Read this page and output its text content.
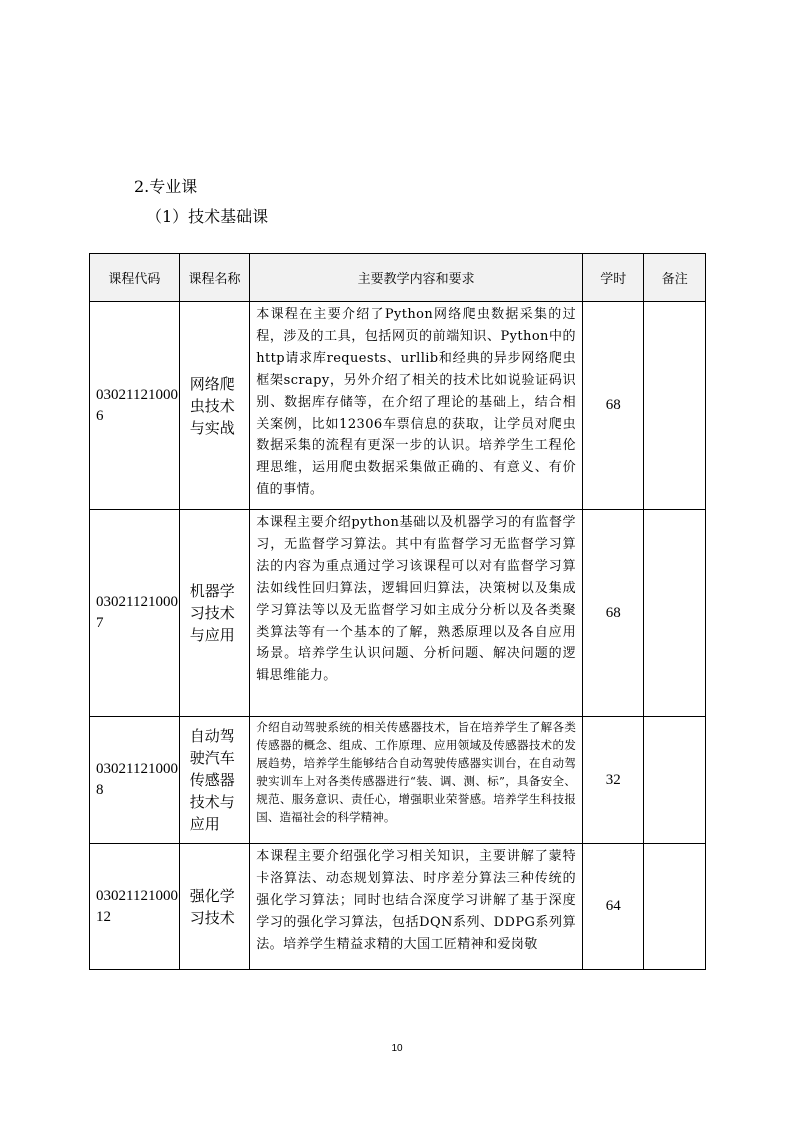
2.专业课
（1）技术基础课
课程代码	课程名称	主要教学内容和要求	学时	备注
030211210006	网络爬虫技术与实战	本课程在主要介绍了Python网络爬虫数据采集的过程，涉及的工具，包括网页的前端知识、Python中的http请求库requests、urllib和经典的异步网络爬虫框架scrapy，另外介绍了相关的技术比如说验证码识别、数据库存储等，在介绍了理论的基础上，结合相关案例，比如12306车票信息的获取，让学员对爬虫数据采集的流程有更深一步的认识。培养学生工程伦理思维，运用爬虫数据采集做正确的、有意义、有价值的事情。	68	
030211210007	机器学习技术与应用	本课程主要介绍python基础以及机器学习的有监督学习，无监督学习算法。其中有监督学习无监督学习算法的内容为重点通过学习该课程可以对有监督学习算法如线性回归算法，逻辑回归算法，决策树以及集成学习算法等以及无监督学习如主成分分析以及各类聚类算法等有一个基本的了解，熟悉原理以及各自应用场景。培养学生认识问题、分析问题、解决问题的逻辑思维能力。	68	
030211210008	自动驾驶汽车传感器技术与应用	介绍自动驾驶系统的相关传感器技术，旨在培养学生了解各类传感器的概念、组成、工作原理、应用领域及传感器技术的发展趋势，培养学生能够结合自动驾驶传感器实训台，在自动驾驶实训车上对各类传感器进行“装、调、测、标”，具备安全、规范、服务意识、责任心，增强职业荣誉感。培养学生科技报国、造福社会的科学精神。	32	
0302112100012	强化学习技术	本课程主要介绍强化学习相关知识，主要讲解了蒙特卡洛算法、动态规划算法、时序差分算法三种传统的强化学习算法；同时也结合深度学习讲解了基于深度学习的强化学习算法，包括DQN系列、DDPG系列算法。培养学生精益求精的大国工匠精神和爱岗敬	64	
10
